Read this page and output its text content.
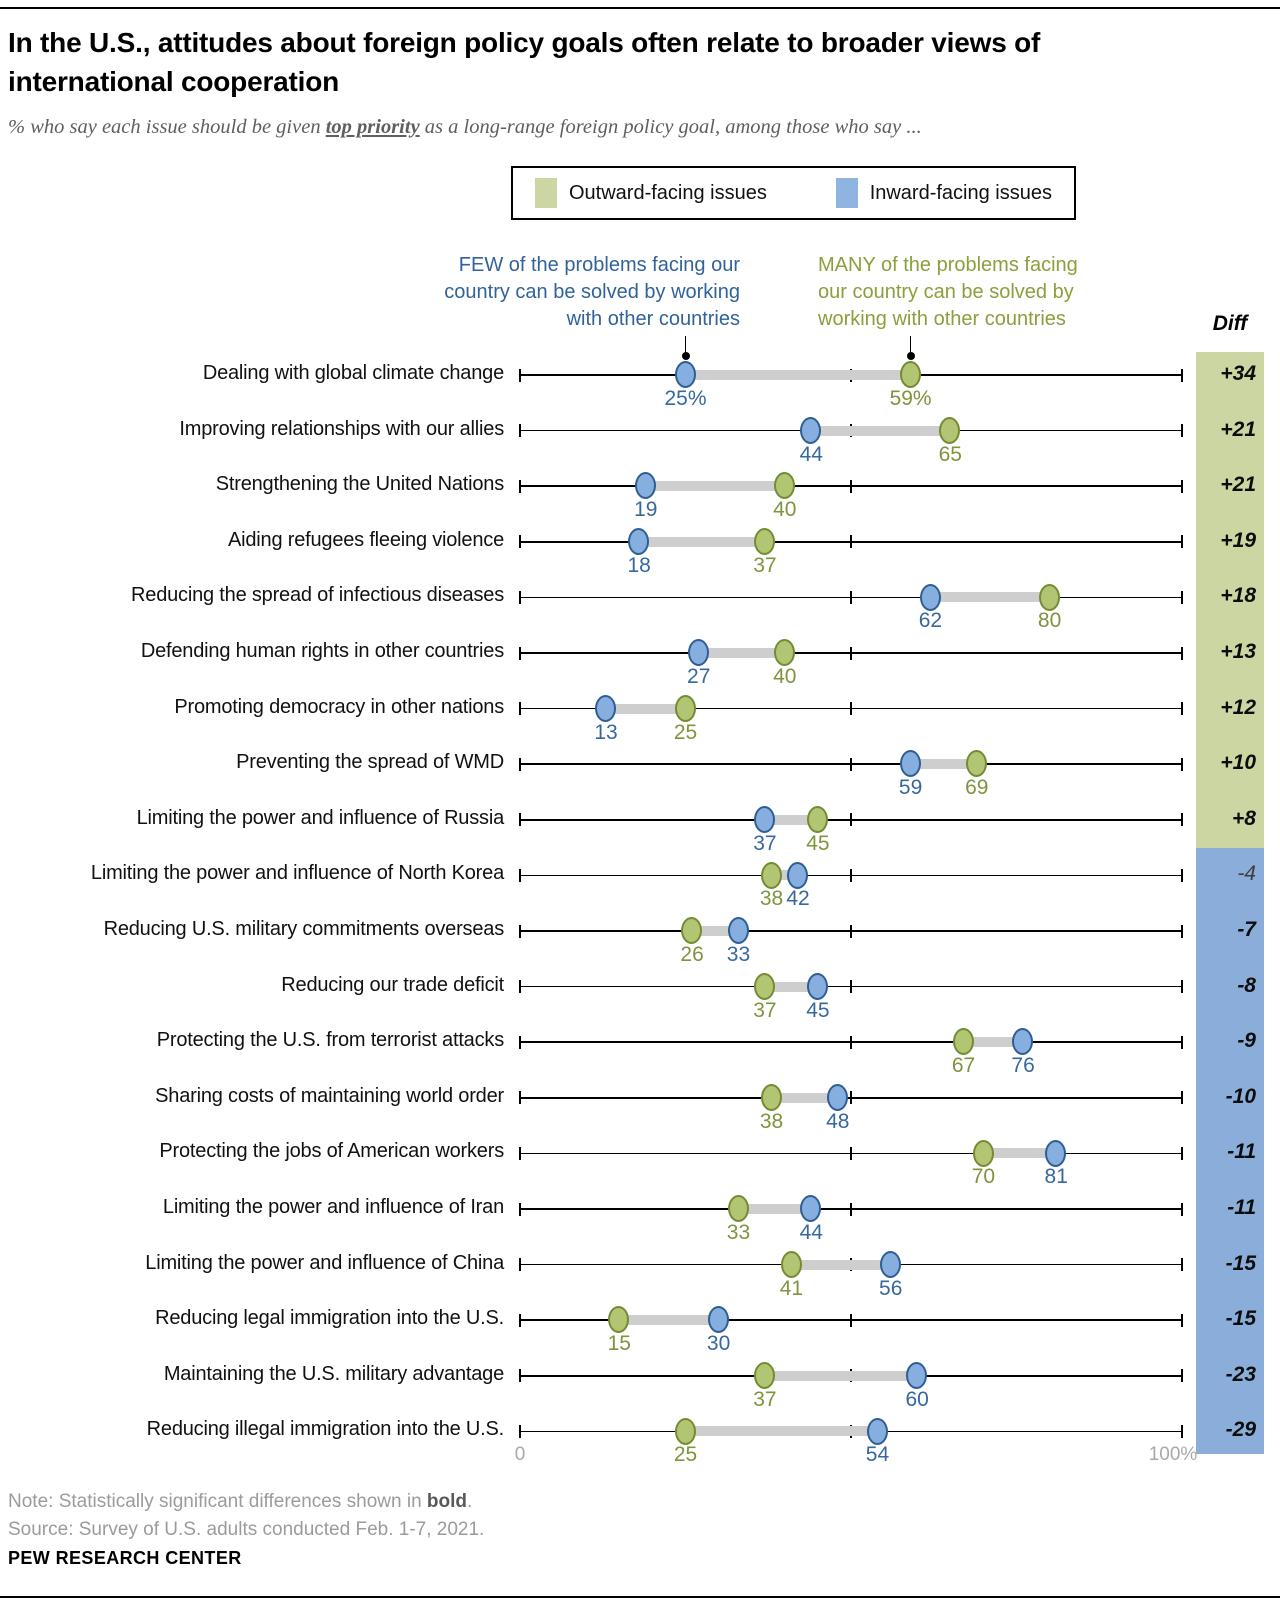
In the U.S., attitudes about foreign policy goals often relate to broader views of international cooperation
% who say each issue should be given top priority as a long-range foreign policy goal, among those who say ...
Outward-facing issues	Inward-facing issues
FEW of the problems facing our
country can be solved by working
with other countries
MANY of the problems facing
our country can be solved by
working with other countries	Diff
Dealing with global climate change
25%	59%
+34
Improving relationships with our allies
44	65
+21
Strengthening the United Nations
19	40
+21
Aiding refugees fleeing violence
18	37
+19
Reducing the spread of infectious diseases
62	80
+18
Defending human rights in other countries
27	40
+13
Promoting democracy in other nations
13	25
+12
Preventing the spread of WMD
59	69
+10
Limiting the power and influence of Russia
37	45
+8
Limiting the power and influence of North Korea
42
38
-4
Reducing U.S. military commitments overseas
33
26
-7
Reducing our trade deficit
45
37
-8
Protecting the U.S. from terrorist attacks
76
67
-9
Sharing costs of maintaining world order
48
38
-10
Protecting the jobs of American workers
81
70
-11
Limiting the power and influence of Iran
44
33
-11
Limiting the power and influence of China
56
41
-15
Reducing legal immigration into the U.S.
30
15
-15
Maintaining the U.S. military advantage
60
37
-23
Reducing illegal immigration into the U.S.
54
25
-29
0	100%
Note: Statistically significant differences shown in bold.
Source: Survey of U.S. adults conducted Feb. 1-7, 2021.
PEW RESEARCH CENTER
